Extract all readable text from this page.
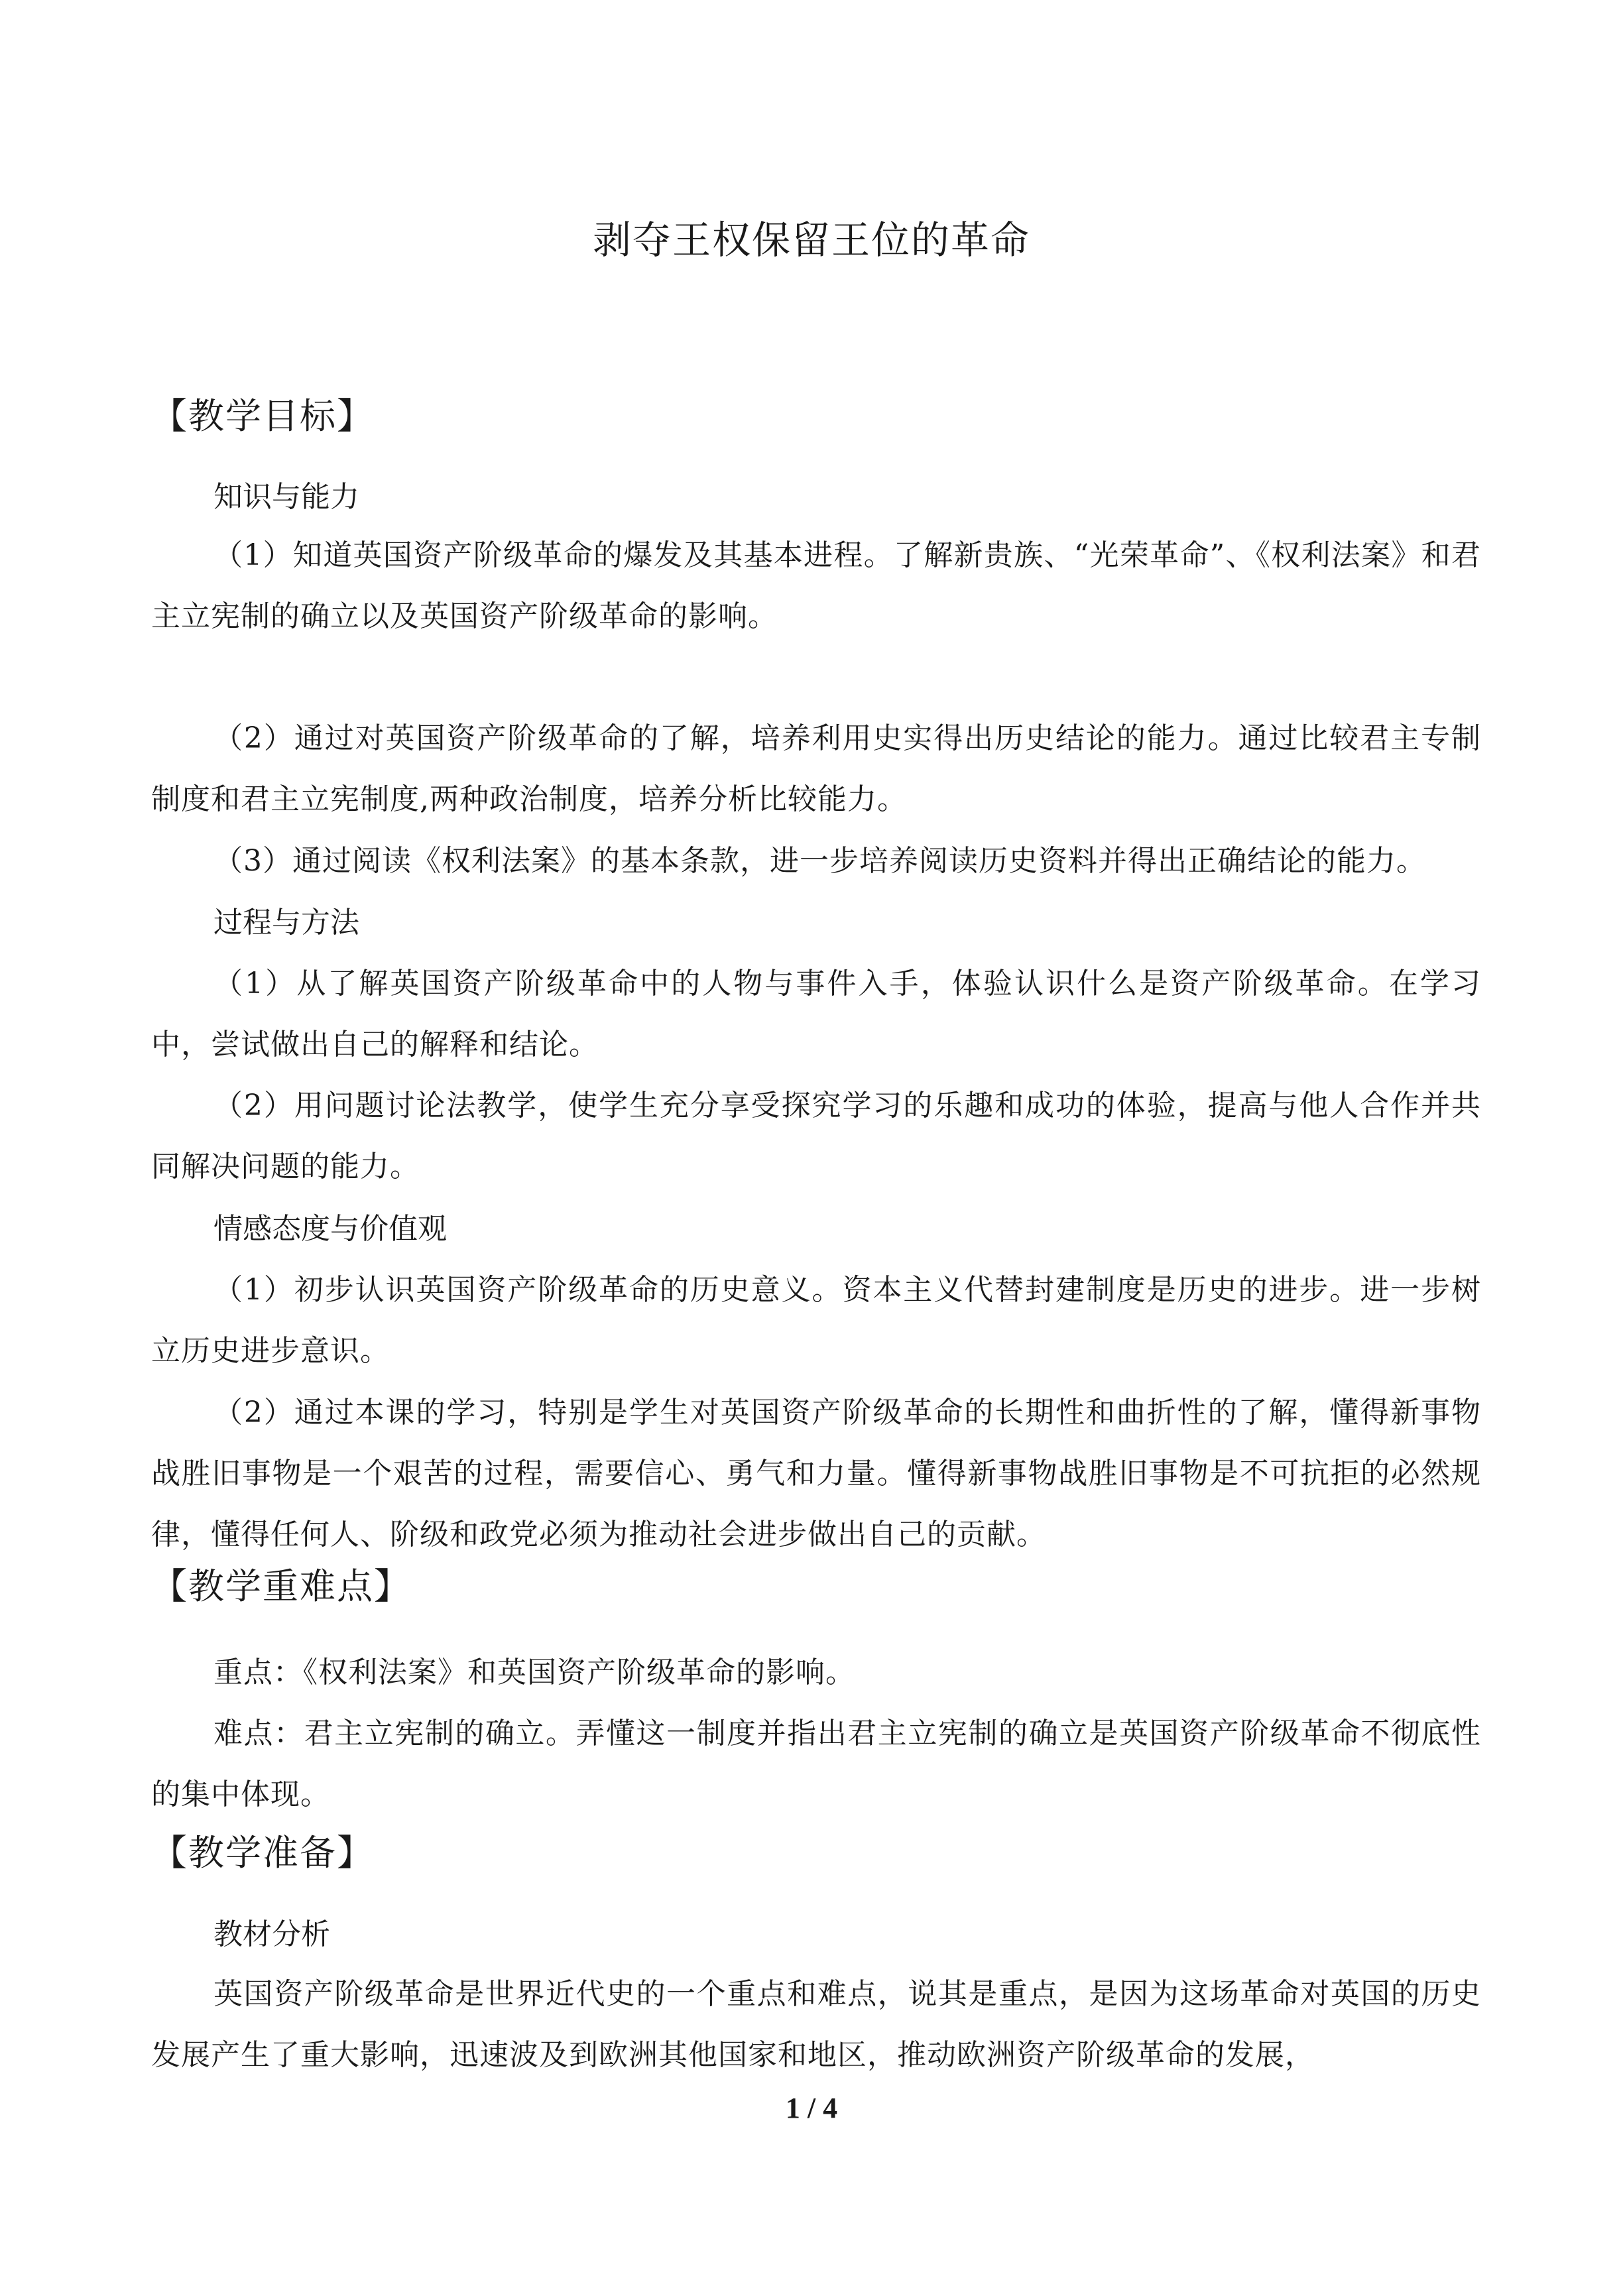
剥夺王权保留王位的革命
【教学目标】
知识与能力
（1）知道英国资产阶级革命的爆发及其基本进程。了解新贵族、“光荣革命”、《权利法案》和君主立宪制的确立以及英国资产阶级革命的影响。
（2）通过对英国资产阶级革命的了解，培养利用史实得出历史结论的能力。通过比较君主专制制度和君主立宪制度,两种政治制度，培养分析比较能力。
（3）通过阅读《权利法案》的基本条款，进一步培养阅读历史资料并得出正确结论的能力。
过程与方法
（1）从了解英国资产阶级革命中的人物与事件入手，体验认识什么是资产阶级革命。在学习中，尝试做出自己的解释和结论。
（2）用问题讨论法教学，使学生充分享受探究学习的乐趣和成功的体验，提高与他人合作并共同解决问题的能力。
情感态度与价值观
（1）初步认识英国资产阶级革命的历史意义。资本主义代替封建制度是历史的进步。进一步树立历史进步意识。
（2）通过本课的学习，特别是学生对英国资产阶级革命的长期性和曲折性的了解，懂得新事物战胜旧事物是一个艰苦的过程，需要信心、勇气和力量。懂得新事物战胜旧事物是不可抗拒的必然规律，懂得任何人、阶级和政党必须为推动社会进步做出自己的贡献。
【教学重难点】
重点：《权利法案》和英国资产阶级革命的影响。
难点：君主立宪制的确立。弄懂这一制度并指出君主立宪制的确立是英国资产阶级革命不彻底性的集中体现。
【教学准备】
教材分析
英国资产阶级革命是世界近代史的一个重点和难点，说其是重点，是因为这场革命对英国的历史发展产生了重大影响，迅速波及到欧洲其他国家和地区，推动欧洲资产阶级革命的发展，
1 / 4
